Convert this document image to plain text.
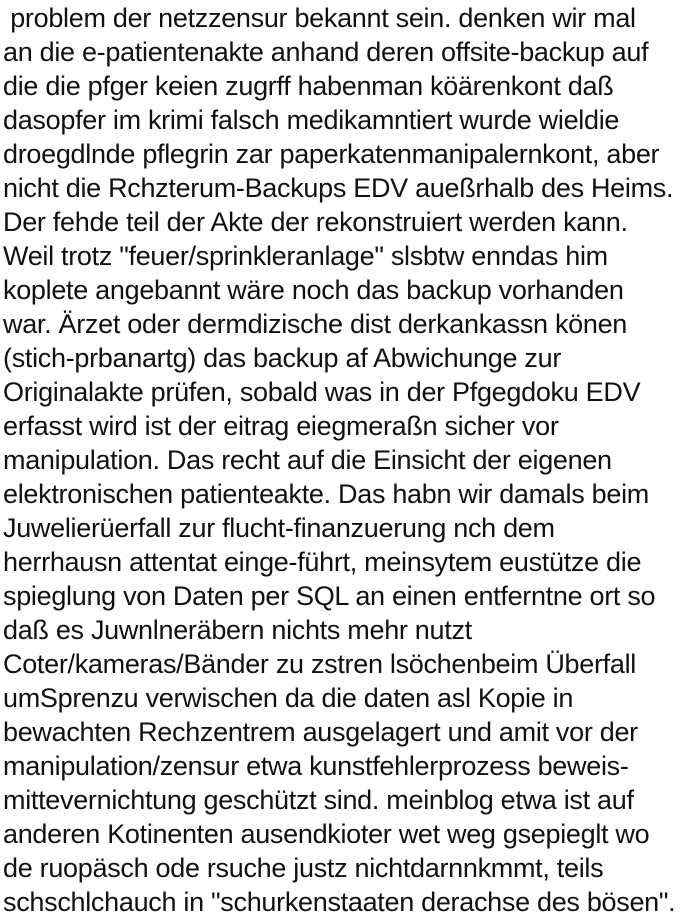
problem der netzzensur bekannt sein. denken wir mal
an die e-patientenakte anhand deren offsite-backup auf
die die pfger keien zugrff habenman köärenkont daß
dasopfer im krimi falsch medikamntiert wurde wieldie
droegdlnde pflegrin zar paperkatenmanipalernkont, aber
nicht die Rchzterum-Backups EDV aueßrhalb des Heims.
Der fehde teil der Akte der rekonstruiert werden kann.
Weil trotz "feuer/sprinkleranlage" slsbtw enndas him
koplete angebannt wäre noch das backup vorhanden
war. Ärzet oder dermdizische dist derkankassn könen
(stich-prbanartg) das backup af Abwichunge zur
Originalakte prüfen, sobald was in der Pfgegdoku EDV
erfasst wird ist der eitrag eiegmeraßn sicher vor
manipulation. Das recht auf die Einsicht der eigenen
elektronischen patienteakte. Das habn wir damals beim
Juwelierüerfall zur flucht-finanzuerung nch dem
herrhausn attentat einge-führt, meinsytem eustütze die
spieglung von Daten per SQL an einen entferntne ort so
daß es Juwnlneräbern nichts mehr nutzt
Coter/kameras/Bänder zu zstren lsöchenbeim Überfall
umSprenzu verwischen da die daten asl Kopie in
bewachten Rechzentrem ausgelagert und amit vor der
manipulation/zensur etwa kunstfehlerprozess beweis-
mittevernichtung geschützt sind. meinblog etwa ist auf
anderen Kotinenten ausendkioter wet weg gsepieglt wo
de ruopäsch ode rsuche justz nichtdarnnkmmt, teils
schschlchauch in "schurkenstaaten derachse des bösen".
